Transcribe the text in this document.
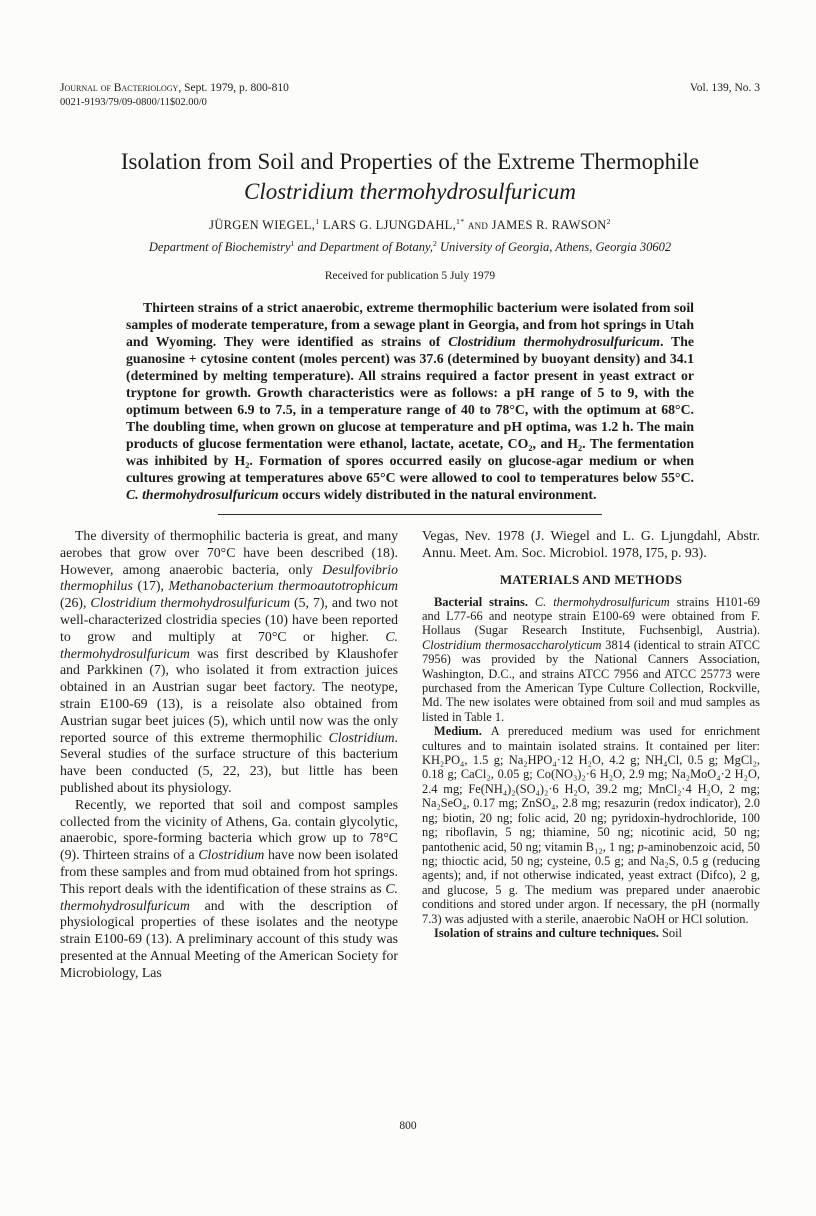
Journal of Bacteriology, Sept. 1979, p. 800-810	Vol. 139, No. 3
0021-9193/79/09-0800/11$02.00/0
Isolation from Soil and Properties of the Extreme Thermophile Clostridium thermohydrosulfuricum
JÜRGEN WIEGEL,$^1$ LARS G. LJUNGDAHL,$^{1*}$ and JAMES R. RAWSON$^2$
Department of Biochemistry$^1$ and Department of Botany,$^2$ University of Georgia, Athens, Georgia 30602
Received for publication 5 July 1979

Thirteen strains of a strict anaerobic, extreme thermophilic bacterium were isolated from soil samples of moderate temperature, from a sewage plant in Georgia, and from hot springs in Utah and Wyoming. They were identified as strains of Clostridium thermohydrosulfuricum. The guanosine + cytosine content (moles percent) was 37.6 (determined by buoyant density) and 34.1 (determined by melting temperature). All strains required a factor present in yeast extract or tryptone for growth. Growth characteristics were as follows: a pH range of 5 to 9, with the optimum between 6.9 to 7.5, in a temperature range of 40 to 78°C, with the optimum at 68°C. The doubling time, when grown on glucose at temperature and pH optima, was 1.2 h. The main products of glucose fermentation were ethanol, lactate, acetate, CO₂, and H₂. The fermentation was inhibited by H₂. Formation of spores occurred easily on glucose-agar medium or when cultures growing at temperatures above 65°C were allowed to cool to temperatures below 55°C. C. thermohydrosulfuricum occurs widely distributed in the natural environment.

The diversity of thermophilic bacteria is great, and many aerobes that grow over 70°C have been described (18). However, among anaerobic bacteria, only Desulfovibrio thermophilus (17), Methanobacterium thermoautotrophicum (26), Clostridium thermohydrosulfuricum (5, 7), and two not well-characterized clostridia species (10) have been reported to grow and multiply at 70°C or higher. C. thermohydrosulfuricum was first described by Klaushofer and Parkkinen (7), who isolated it from extraction juices obtained in an Austrian sugar beet factory. The neotype, strain E100-69 (13), is a reisolate also obtained from Austrian sugar beet juices (5), which until now was the only reported source of this extreme thermophilic Clostridium. Several studies of the surface structure of this bacterium have been conducted (5, 22, 23), but little has been published about its physiology.

Recently, we reported that soil and compost samples collected from the vicinity of Athens, Ga. contain glycolytic, anaerobic, spore-forming bacteria which grow up to 78°C (9). Thirteen strains of a Clostridium have now been isolated from these samples and from mud obtained from hot springs. This report deals with the identification of these strains as C. thermohydrosulfuricum and with the description of physiological properties of these isolates and the neotype strain E100-69 (13). A preliminary account of this study was presented at the Annual Meeting of the American Society for Microbiology, Las

Vegas, Nev. 1978 (J. Wiegel and L. G. Ljungdahl, Abstr. Annu. Meet. Am. Soc. Microbiol. 1978, I75, p. 93).

MATERIALS AND METHODS

Bacterial strains. C. thermohydrosulfuricum strains H101-69 and L77-66 and neotype strain E100-69 were obtained from F. Hollaus (Sugar Research Institute, Fuchsenbigl, Austria). Clostridium thermosaccharolyticum 3814 (identical to strain ATCC 7956) was provided by the National Canners Association, Washington, D.C., and strains ATCC 7956 and ATCC 25773 were purchased from the American Type Culture Collection, Rockville, Md. The new isolates were obtained from soil and mud samples as listed in Table 1.

Medium. A prereduced medium was used for enrichment cultures and to maintain isolated strains. It contained per liter: KH₂PO₄, 1.5 g; Na₂HPO₄·12 H₂O, 4.2 g; NH₄Cl, 0.5 g; MgCl₂, 0.18 g; CaCl₂, 0.05 g; Co(NO₃)₂·6 H₂O, 2.9 mg; Na₂MoO₄·2 H₂O, 2.4 mg; Fe(NH₄)₂(SO₄)₂·6 H₂O, 39.2 mg; MnCl₂·4 H₂O, 2 mg; Na₂SeO₄, 0.17 mg; ZnSO₄, 2.8 mg; resazurin (redox indicator), 2.0 ng; biotin, 20 ng; folic acid, 20 ng; pyridoxin-hydrochloride, 100 ng; riboflavin, 5 ng; thiamine, 50 ng; nicotinic acid, 50 ng; pantothenic acid, 50 ng; vitamin B₁₂, 1 ng; p-aminobenzoic acid, 50 ng; thioctic acid, 50 ng; cysteine, 0.5 g; and Na₂S, 0.5 g (reducing agents); and, if not otherwise indicated, yeast extract (Difco), 2 g, and glucose, 5 g. The medium was prepared under anaerobic conditions and stored under argon. If necessary, the pH (normally 7.3) was adjusted with a sterile, anaerobic NaOH or HCl solution.

Isolation of strains and culture techniques. Soil

800
